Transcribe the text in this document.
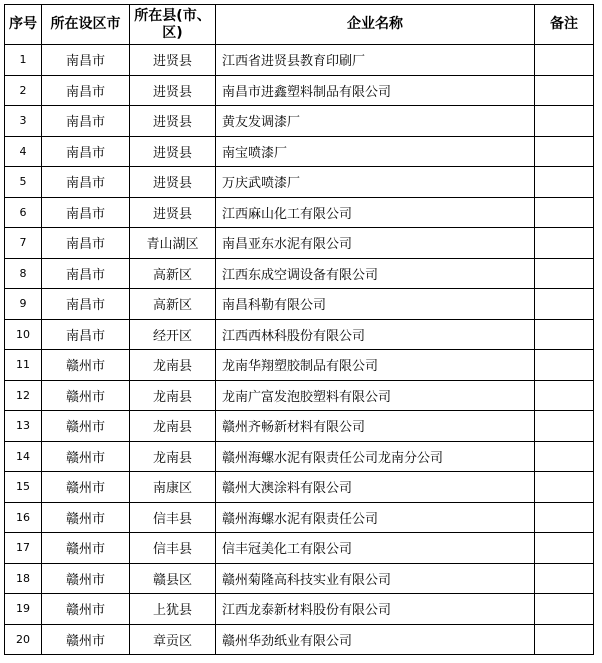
序号	所在设区市	所在县(市、区)	企业名称	备注
1	南昌市	进贤县	江西省进贤县教育印刷厂	
2	南昌市	进贤县	南昌市进鑫塑料制品有限公司	
3	南昌市	进贤县	黄友发调漆厂	
4	南昌市	进贤县	南宝喷漆厂	
5	南昌市	进贤县	万庆武喷漆厂	
6	南昌市	进贤县	江西麻山化工有限公司	
7	南昌市	青山湖区	南昌亚东水泥有限公司	
8	南昌市	高新区	江西东成空调设备有限公司	
9	南昌市	高新区	南昌科勒有限公司	
10	南昌市	经开区	江西西林科股份有限公司	
11	赣州市	龙南县	龙南华翔塑胶制品有限公司	
12	赣州市	龙南县	龙南广富发泡胶塑料有限公司	
13	赣州市	龙南县	赣州齐畅新材料有限公司	
14	赣州市	龙南县	赣州海螺水泥有限责任公司龙南分公司	
15	赣州市	南康区	赣州大澳涂料有限公司	
16	赣州市	信丰县	赣州海螺水泥有限责任公司	
17	赣州市	信丰县	信丰冠美化工有限公司	
18	赣州市	赣县区	赣州菊隆高科技实业有限公司	
19	赣州市	上犹县	江西龙泰新材料股份有限公司	
20	赣州市	章贡区	赣州华劲纸业有限公司	
